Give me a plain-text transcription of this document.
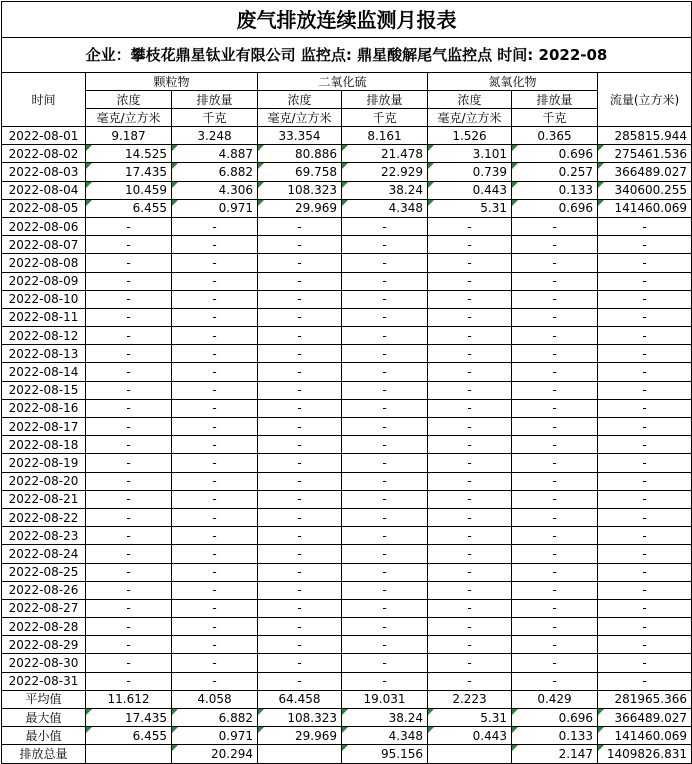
废气排放连续监测月报表							
企业：攀枝花鼎星钛业有限公司 监控点: 鼎星酸解尾气监控点 时间: 2022-08							
时间	颗粒物		二氧化硫		氮氧化物		流量(立方米)
	浓度	排放量	浓度	排放量	浓度	排放量	
	毫克/立方米	千克	毫克/立方米	千克	毫克/立方米	千克	
2022-08-01	9.187	3.248	33.354	8.161	1.526	0.365	285815.944
2022-08-02	14.525	4.887	80.886	21.478	3.101	0.696	275461.536
2022-08-03	17.435	6.882	69.758	22.929	0.739	0.257	366489.027
2022-08-04	10.459	4.306	108.323	38.24	0.443	0.133	340600.255
2022-08-05	6.455	0.971	29.969	4.348	5.31	0.696	141460.069
2022-08-06	-	-	-	-	-	-	-
2022-08-07	-	-	-	-	-	-	-
2022-08-08	-	-	-	-	-	-	-
2022-08-09	-	-	-	-	-	-	-
2022-08-10	-	-	-	-	-	-	-
2022-08-11	-	-	-	-	-	-	-
2022-08-12	-	-	-	-	-	-	-
2022-08-13	-	-	-	-	-	-	-
2022-08-14	-	-	-	-	-	-	-
2022-08-15	-	-	-	-	-	-	-
2022-08-16	-	-	-	-	-	-	-
2022-08-17	-	-	-	-	-	-	-
2022-08-18	-	-	-	-	-	-	-
2022-08-19	-	-	-	-	-	-	-
2022-08-20	-	-	-	-	-	-	-
2022-08-21	-	-	-	-	-	-	-
2022-08-22	-	-	-	-	-	-	-
2022-08-23	-	-	-	-	-	-	-
2022-08-24	-	-	-	-	-	-	-
2022-08-25	-	-	-	-	-	-	-
2022-08-26	-	-	-	-	-	-	-
2022-08-27	-	-	-	-	-	-	-
2022-08-28	-	-	-	-	-	-	-
2022-08-29	-	-	-	-	-	-	-
2022-08-30	-	-	-	-	-	-	-
2022-08-31	-	-	-	-	-	-	-
平均值	11.612	4.058	64.458	19.031	2.223	0.429	281965.366
最大值	17.435	6.882	108.323	38.24	5.31	0.696	366489.027
最小值	6.455	0.971	29.969	4.348	0.443	0.133	141460.069
排放总量		20.294		95.156		2.147	1409826.831
